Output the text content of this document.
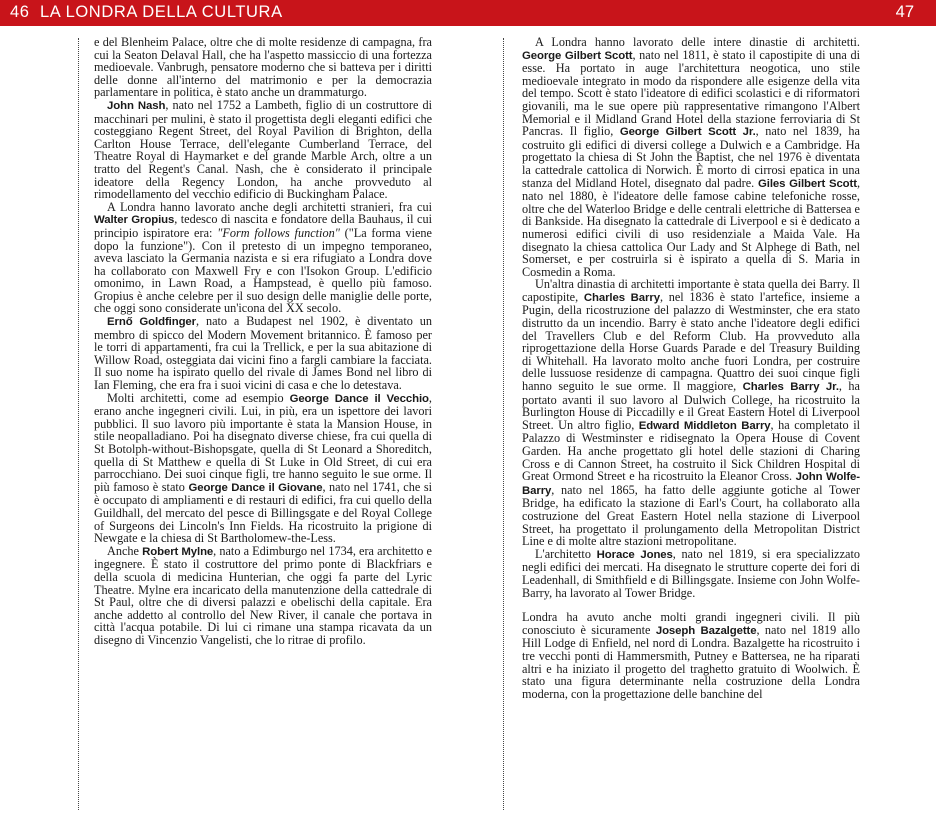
46 LA LONDRA DELLA CULTURA	47

e del Blenheim Palace, oltre che di molte residenze di campagna, fra cui la Seaton Delaval Hall, che ha l'aspetto massiccio di una fortezza medioevale. Vanbrugh, pensatore moderno che si batteva per i diritti delle donne all'interno del matrimonio e per la democrazia parlamentare in politica, è stato anche un drammaturgo.

John Nash, nato nel 1752 a Lambeth, figlio di un costruttore di macchinari per mulini, è stato il progettista degli eleganti edifici che costeggiano Regent Street, del Royal Pavilion di Brighton, della Carlton House Terrace, dell'elegante Cumberland Terrace, del Theatre Royal di Haymarket e del grande Marble Arch, oltre a un tratto del Regent's Canal. Nash, che è considerato il principale ideatore della Regency London, ha anche provveduto al rimodellamento del vecchio edificio di Buckingham Palace.

A Londra hanno lavorato anche degli architetti stranieri, fra cui Walter Gropius, tedesco di nascita e fondatore della Bauhaus, il cui principio ispiratore era: "Form follows function" ("La forma viene dopo la funzione"). Con il pretesto di un impegno temporaneo, aveva lasciato la Germania nazista e si era rifugiato a Londra dove ha collaborato con Maxwell Fry e con l'Isokon Group. L'edificio omonimo, in Lawn Road, a Hampstead, è quello più famoso. Gropius è anche celebre per il suo design delle maniglie delle porte, che oggi sono considerate un'icona del XX secolo.

Ernő Goldfinger, nato a Budapest nel 1902, è diventato un membro di spicco del Modern Movement britannico. È famoso per le torri di appartamenti, fra cui la Trellick, e per la sua abitazione di Willow Road, osteggiata dai vicini fino a fargli cambiare la facciata. Il suo nome ha ispirato quello del rivale di James Bond nel libro di Ian Fleming, che era fra i suoi vicini di casa e che lo detestava.

Molti architetti, come ad esempio George Dance il Vecchio, erano anche ingegneri civili. Lui, in più, era un ispettore dei lavori pubblici. Il suo lavoro più importante è stata la Mansion House, in stile neopalladiano. Poi ha disegnato diverse chiese, fra cui quella di St Botolph-without-Bishopsgate, quella di St Leonard a Shoreditch, quella di St Matthew e quella di St Luke in Old Street, di cui era parrocchiano. Dei suoi cinque figli, tre hanno seguito le sue orme. Il più famoso è stato George Dance il Giovane, nato nel 1741, che si è occupato di ampliamenti e di restauri di edifici, fra cui quello della Guildhall, del mercato del pesce di Billingsgate e del Royal College of Surgeons dei Lincoln's Inn Fields. Ha ricostruito la prigione di Newgate e la chiesa di St Bartholomew-the-Less.

Anche Robert Mylne, nato a Edimburgo nel 1734, era architetto e ingegnere. È stato il costruttore del primo ponte di Blackfriars e della scuola di medicina Hunterian, che oggi fa parte del Lyric Theatre. Mylne era incaricato della manutenzione della cattedrale di St Paul, oltre che di diversi palazzi e obelischi della capitale. Era anche addetto al controllo del New River, il canale che portava in città l'acqua potabile. Di lui ci rimane una stampa ricavata da un disegno di Vincenzio Vangelisti, che lo ritrae di profilo.

A Londra hanno lavorato delle intere dinastie di architetti. George Gilbert Scott, nato nel 1811, è stato il capostipite di una di esse. Ha portato in auge l'architettura neogotica, uno stile medioevale integrato in modo da rispondere alle esigenze della vita del tempo. Scott è stato l'ideatore di edifici scolastici e di riformatori giovanili, ma le sue opere più rappresentative rimangono l'Albert Memorial e il Midland Grand Hotel della stazione ferroviaria di St Pancras. Il figlio, George Gilbert Scott Jr., nato nel 1839, ha costruito gli edifici di diversi college a Dulwich e a Cambridge. Ha progettato la chiesa di St John the Baptist, che nel 1976 è diventata la cattedrale cattolica di Norwich. È morto di cirrosi epatica in una stanza del Midland Hotel, disegnato dal padre. Giles Gilbert Scott, nato nel 1880, è l'ideatore delle famose cabine telefoniche rosse, oltre che del Waterloo Bridge e delle centrali elettriche di Battersea e di Bankside. Ha disegnato la cattedrale di Liverpool e si è dedicato a numerosi edifici civili di uso residenziale a Maida Vale. Ha disegnato la chiesa cattolica Our Lady and St Alphege di Bath, nel Somerset, e per costruirla si è ispirato a quella di S. Maria in Cosmedin a Roma.

Un'altra dinastia di architetti importante è stata quella dei Barry. Il capostipite, Charles Barry, nel 1836 è stato l'artefice, insieme a Pugin, della ricostruzione del palazzo di Westminster, che era stato distrutto da un incendio. Barry è stato anche l'ideatore degli edifici del Travellers Club e del Reform Club. Ha provveduto alla riprogettazione della Horse Guards Parade e del Treasury Building di Whitehall. Ha lavorato molto anche fuori Londra, per costruire delle lussuose residenze di campagna. Quattro dei suoi cinque figli hanno seguito le sue orme. Il maggiore, Charles Barry Jr., ha portato avanti il suo lavoro al Dulwich College, ha ricostruito la Burlington House di Piccadilly e il Great Eastern Hotel di Liverpool Street. Un altro figlio, Edward Middleton Barry, ha completato il Palazzo di Westminster e ridisegnato la Opera House di Covent Garden. Ha anche progettato gli hotel delle stazioni di Charing Cross e di Cannon Street, ha costruito il Sick Children Hospital di Great Ormond Street e ha ricostruito la Eleanor Cross. John Wolfe-Barry, nato nel 1865, ha fatto delle aggiunte gotiche al Tower Bridge, ha edificato la stazione di Earl's Court, ha collaborato alla costruzione del Great Eastern Hotel nella stazione di Liverpool Street, ha progettato il prolungamento della Metropolitan District Line e di molte altre stazioni metropolitane.

L'architetto Horace Jones, nato nel 1819, si era specializzato negli edifici dei mercati. Ha disegnato le strutture coperte dei fori di Leadenhall, di Smithfield e di Billingsgate. Insieme con John Wolfe-Barry, ha lavorato al Tower Bridge.

Londra ha avuto anche molti grandi ingegneri civili. Il più conosciuto è sicuramente Joseph Bazalgette, nato nel 1819 allo Hill Lodge di Enfield, nel nord di Londra. Bazalgette ha ricostruito i tre vecchi ponti di Hammersmith, Putney e Battersea, ne ha riparati altri e ha iniziato il progetto del traghetto gratuito di Woolwich. È stato una figura determinante nella costruzione della Londra moderna, con la progettazione delle banchine del
